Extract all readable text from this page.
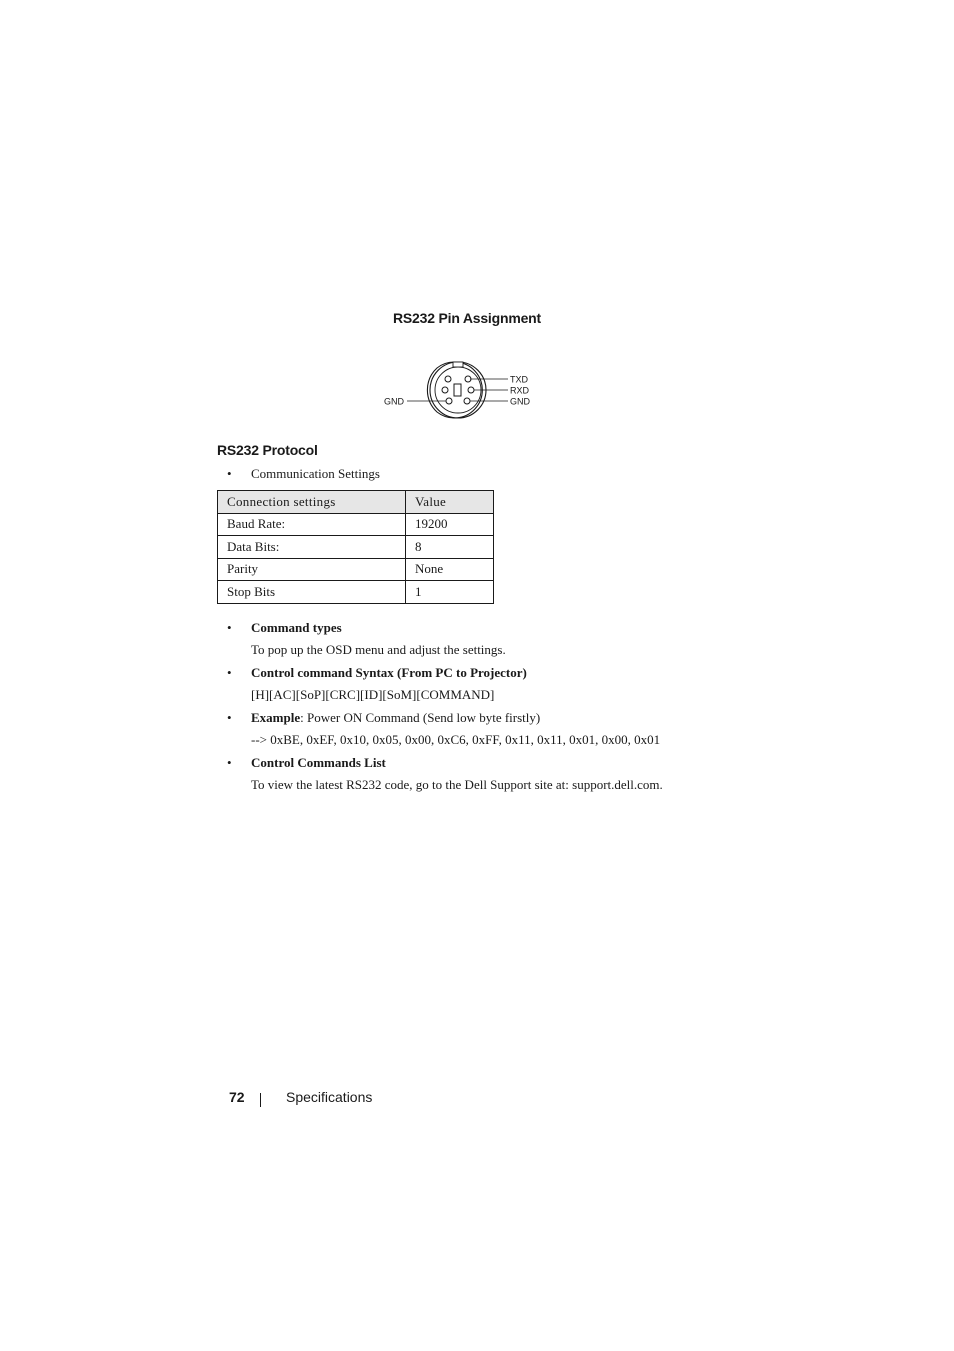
RS232 Pin Assignment
GND
TXD
RXD
GND
RS232 Protocol
• Communication Settings
Connection settings	Value
Baud Rate:	19200
Data Bits:	8
Parity	None
Stop Bits	1
• Command types
To pop up the OSD menu and adjust the settings.
• Control command Syntax (From PC to Projector)
[H][AC][SoP][CRC][ID][SoM][COMMAND]
• Example: Power ON Command (Send low byte firstly)
--> 0xBE, 0xEF, 0x10, 0x05, 0x00, 0xC6, 0xFF, 0x11, 0x11, 0x01, 0x00, 0x01
• Control Commands List
To view the latest RS232 code, go to the Dell Support site at: support.dell.com.
72	Specifications
